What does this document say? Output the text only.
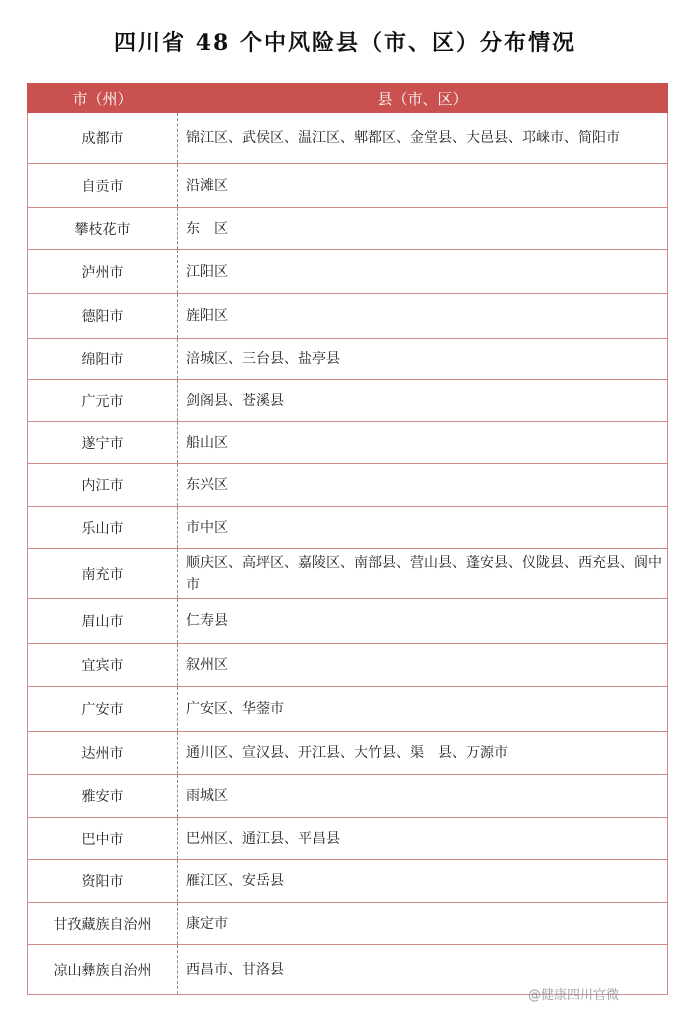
四川省 48 个中风险县（市、区）分布情况
市（州）	县（市、区）
成都市	锦江区、武侯区、温江区、郫都区、金堂县、大邑县、邛崃市、简阳市
自贡市	沿滩区
攀枝花市	东　区
泸州市	江阳区
德阳市	旌阳区
绵阳市	涪城区、三台县、盐亭县
广元市	剑阁县、苍溪县
遂宁市	船山区
内江市	东兴区
乐山市	市中区
南充市	顺庆区、高坪区、嘉陵区、南部县、营山县、蓬安县、仪陇县、西充县、阆中市
眉山市	仁寿县
宜宾市	叙州区
广安市	广安区、华蓥市
达州市	通川区、宣汉县、开江县、大竹县、渠　县、万源市
雅安市	雨城区
巴中市	巴州区、通江县、平昌县
资阳市	雁江区、安岳县
甘孜藏族自治州	康定市
凉山彝族自治州	西昌市、甘洛县
@健康四川官微
